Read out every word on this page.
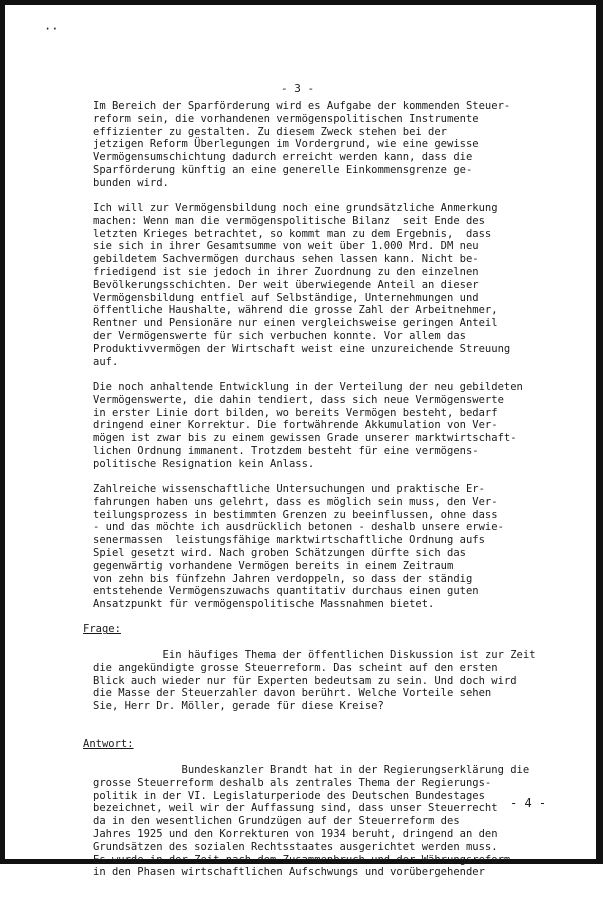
··
- 3 -

Im Bereich der Sparförderung wird es Aufgabe der kommenden Steuer-
reform sein, die vorhandenen vermögenspolitischen Instrumente
effizienter zu gestalten. Zu diesem Zweck stehen bei der
jetzigen Reform Überlegungen im Vordergrund, wie eine gewisse
Vermögensumschichtung dadurch erreicht werden kann, dass die
Sparförderung künftig an eine generelle Einkommensgrenze ge-
bunden wird.

Ich will zur Vermögensbildung noch eine grundsätzliche Anmerkung
machen: Wenn man die vermögenspolitische Bilanz  seit Ende des
letzten Krieges betrachtet, so kommt man zu dem Ergebnis,  dass
sie sich in ihrer Gesamtsumme von weit über 1.000 Mrd. DM neu
gebildetem Sachvermögen durchaus sehen lassen kann. Nicht be-
friedigend ist sie jedoch in ihrer Zuordnung zu den einzelnen
Bevölkerungsschichten. Der weit überwiegende Anteil an dieser
Vermögensbildung entfiel auf Selbständige, Unternehmungen und
öffentliche Haushalte, während die grosse Zahl der Arbeitnehmer,
Rentner und Pensionäre nur einen vergleichsweise geringen Anteil
der Vermögenswerte für sich verbuchen konnte. Vor allem das
Produktivvermögen der Wirtschaft weist eine unzureichende Streuung
auf.

Die noch anhaltende Entwicklung in der Verteilung der neu gebildeten
Vermögenswerte, die dahin tendiert, dass sich neue Vermögenswerte
in erster Linie dort bilden, wo bereits Vermögen besteht, bedarf
dringend einer Korrektur. Die fortwährende Akkumulation von Ver-
mögen ist zwar bis zu einem gewissen Grade unserer marktwirtschaft-
lichen Ordnung immanent. Trotzdem besteht für eine vermögens-
politische Resignation kein Anlass.

Zahlreiche wissenschaftliche Untersuchungen und praktische Er-
fahrungen haben uns gelehrt, dass es möglich sein muss, den Ver-
teilungsprozess in bestimmten Grenzen zu beeinflussen, ohne dass
- und das möchte ich ausdrücklich betonen - deshalb unsere erwie-
senermassen  leistungsfähige marktwirtschaftliche Ordnung aufs
Spiel gesetzt wird. Nach groben Schätzungen dürfte sich das
gegenwärtig vorhandene Vermögen bereits in einem Zeitraum
von zehn bis fünfzehn Jahren verdoppeln, so dass der ständig
entstehende Vermögenszuwachs quantitativ durchaus einen guten
Ansatzpunkt für vermögenspolitische Massnahmen bietet.

Frage:

Ein häufiges Thema der öffentlichen Diskussion ist zur Zeit
die angekündigte grosse Steuerreform. Das scheint auf den ersten
Blick auch wieder nur für Experten bedeutsam zu sein. Und doch wird
die Masse der Steuerzahler davon berührt. Welche Vorteile sehen
Sie, Herr Dr. Möller, gerade für diese Kreise?

Antwort:

Bundeskanzler Brandt hat in der Regierungserklärung die
grosse Steuerreform deshalb als zentrales Thema der Regierungs-
politik in der VI. Legislaturperiode des Deutschen Bundestages
bezeichnet, weil wir der Auffassung sind, dass unser Steuerrecht
da in den wesentlichen Grundzügen auf der Steuerreform des
Jahres 1925 und den Korrekturen von 1934 beruht, dringend an den
Grundsätzen des sozialen Rechtsstaates ausgerichtet werden muss.
Es wurde in der Zeit nach dem Zusammenbruch und der Währungsreform
in den Phasen wirtschaftlichen Aufschwungs und vorübergehender

- 4 -
